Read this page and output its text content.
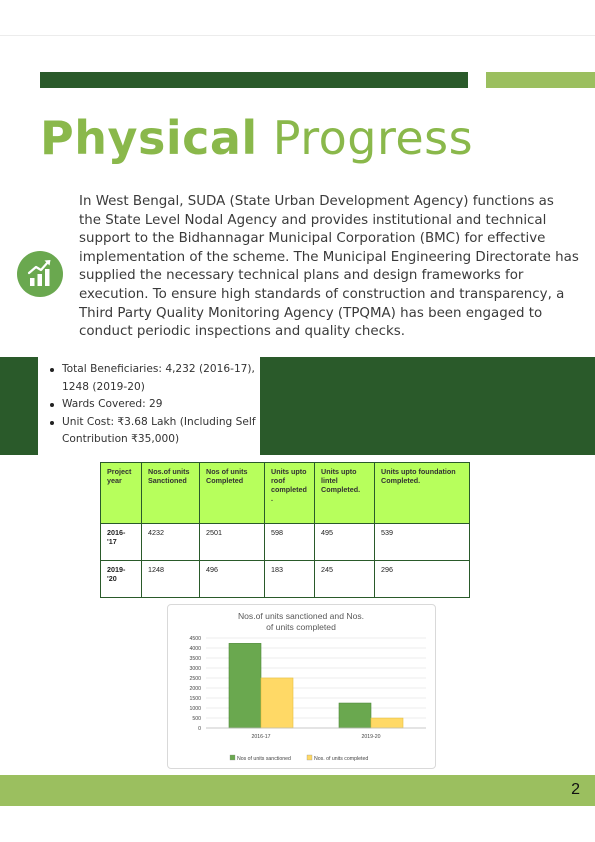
Physical Progress

In West Bengal, SUDA (State Urban Development Agency) functions as the State Level Nodal Agency and provides institutional and technical support to the Bidhannagar Municipal Corporation (BMC) for effective implementation of the scheme. The Municipal Engineering Directorate has supplied the necessary technical plans and design frameworks for execution. To ensure high standards of construction and transparency, a Third Party Quality Monitoring Agency (TPQMA) has been engaged to conduct periodic inspections and quality checks.

Total Beneficiaries: 4,232 (2016-17), 1248 (2019-20)
Wards Covered: 29
Unit Cost: ₹3.68 Lakh (Including Self Contribution ₹35,000)
Project year	Nos.of units Sanctioned	Nos of units Completed	Units upto roof completed .	Units upto lintel Completed.	Units upto foundation Completed.
2016-'17	4232	2501	598	495	539
2019-'20	1248	496	183	245	296
Nos.of units sanctioned and Nos.
of units completed
0
500
1000
1500
2000
2500
3000
3500
4000
4500
2016-17	2019-20
Nos of units sanctioned	Nos. of units completed
2
